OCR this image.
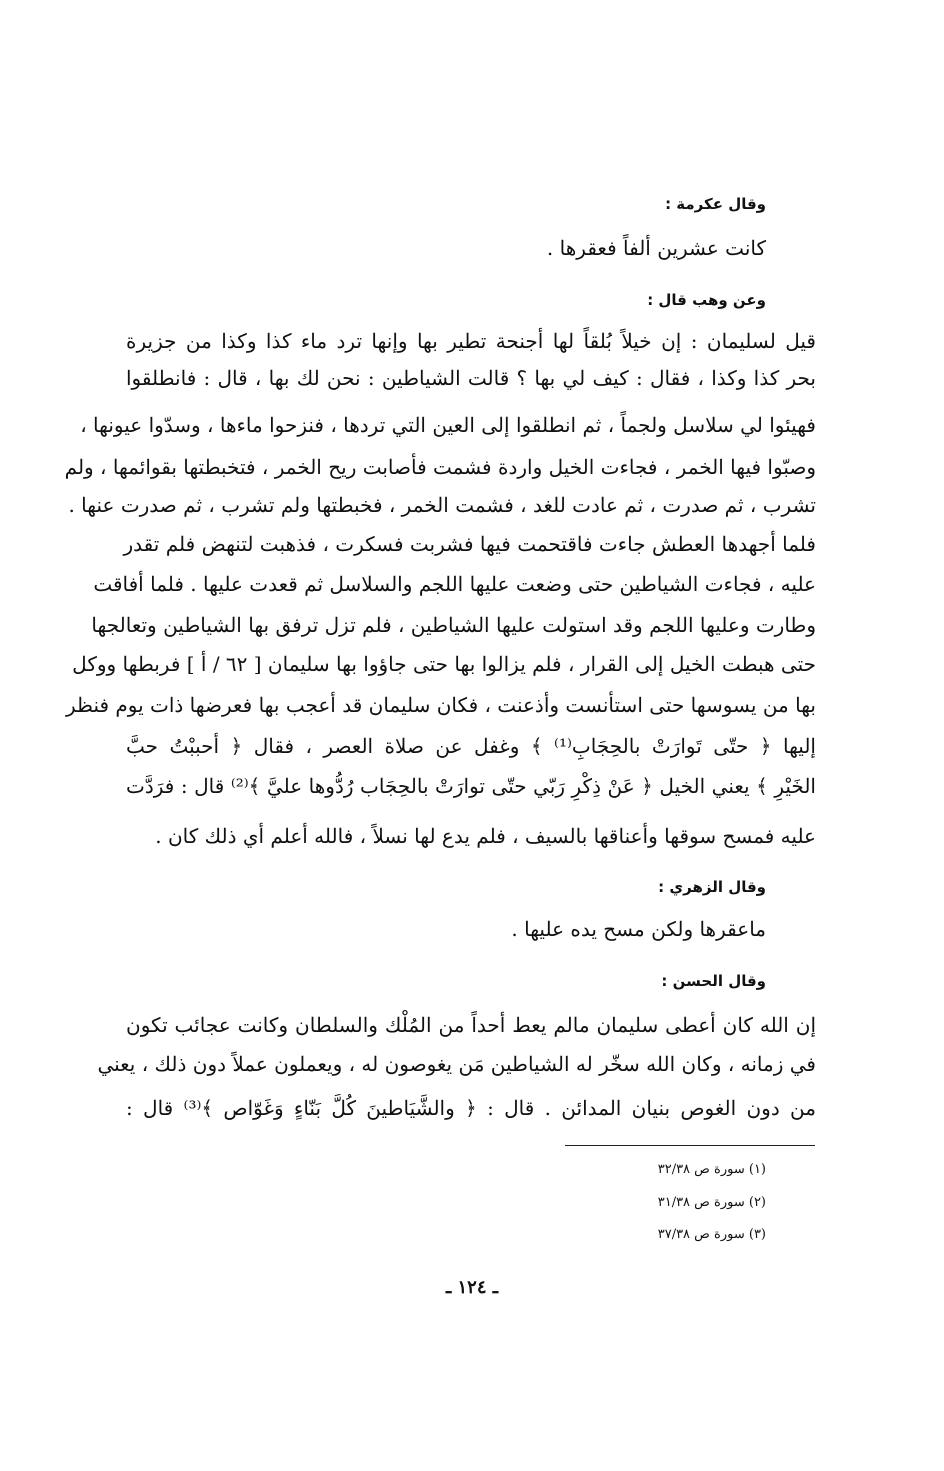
وقال عكرمة :
كانت عشرين ألفاً فعقرها .
وعن وهب قال :
قيل لسليمان : إن خيلاً بُلقاً لها أجنحة تطير بها وإنها ترد ماء كذا وكذا من جزيرة
بحر كذا وكذا ، فقال : كيف لي بها ؟ قالت الشياطين : نحن لك بها ، قال : فانطلقوا
فهيئوا لي سلاسل ولجماً ، ثم انطلقوا إلى العين التي تردها ، فنزحوا ماءها ، وسدّوا عيونها ،
وصبّوا فيها الخمر ، فجاءت الخيل واردة فشمت فأصابت ريح الخمر ، فتخبطتها بقوائمها ، ولم
تشرب ، ثم صدرت ، ثم عادت للغد ، فشمت الخمر ، فخبطتها ولم تشرب ، ثم صدرت عنها .
فلما أجهدها العطش جاءت فاقتحمت فيها فشربت فسكرت ، فذهبت لتنهض فلم تقدر
عليه ، فجاءت الشياطين حتى وضعت عليها اللجم والسلاسل ثم قعدت عليها . فلما أفاقت
وطارت وعليها اللجم وقد استولت عليها الشياطين ، فلم تزل ترفق بها الشياطين وتعالجها
حتى هبطت الخيل إلى القرار ، فلم يزالوا بها حتى جاؤوا بها سليمان [ ٦٢ / أ ] فربطها ووكل
بها من يسوسها حتى استأنست وأذعنت ، فكان سليمان قد أعجب بها فعرضها ذات يوم فنظر
إليها ﴿ حتّى تَوارَتْ بالحِجَابِ⁽¹⁾ ﴾ وغفل عن صلاة العصر ، فقال ﴿ أحببْتُ حبَّ
الخَيْرِ ﴾ يعني الخيل ﴿ عَنْ ذِكْرِ رَبّي حتّى توارَتْ بالحِجَاب رُدُّوها عليَّ ﴾⁽²⁾ قال : فرَدَّت
عليه فمسح سوقها وأعناقها بالسيف ، فلم يدع لها نسلاً ، فالله أعلم أي ذلك كان .
وقال الزهري :
ماعقرها ولكن مسح يده عليها .
وقال الحسن :
إن الله كان أعطى سليمان مالم يعط أحداً من المُلْك والسلطان وكانت عجائب تكون
في زمانه ، وكان الله سخّر له الشياطين مَن يغوصون له ، ويعملون عملاً دون ذلك ، يعني
من دون الغوص بنيان المدائن . قال : ﴿ والشَّيَاطينَ كُلَّ بَنّاءٍ وَغَوّاص ﴾⁽³⁾ قال :
(١) سورة ص ٣٢/٣٨
(٢) سورة ص ٣١/٣٨
(٣) سورة ص ٣٧/٣٨
ـ ١٢٤ ـ
